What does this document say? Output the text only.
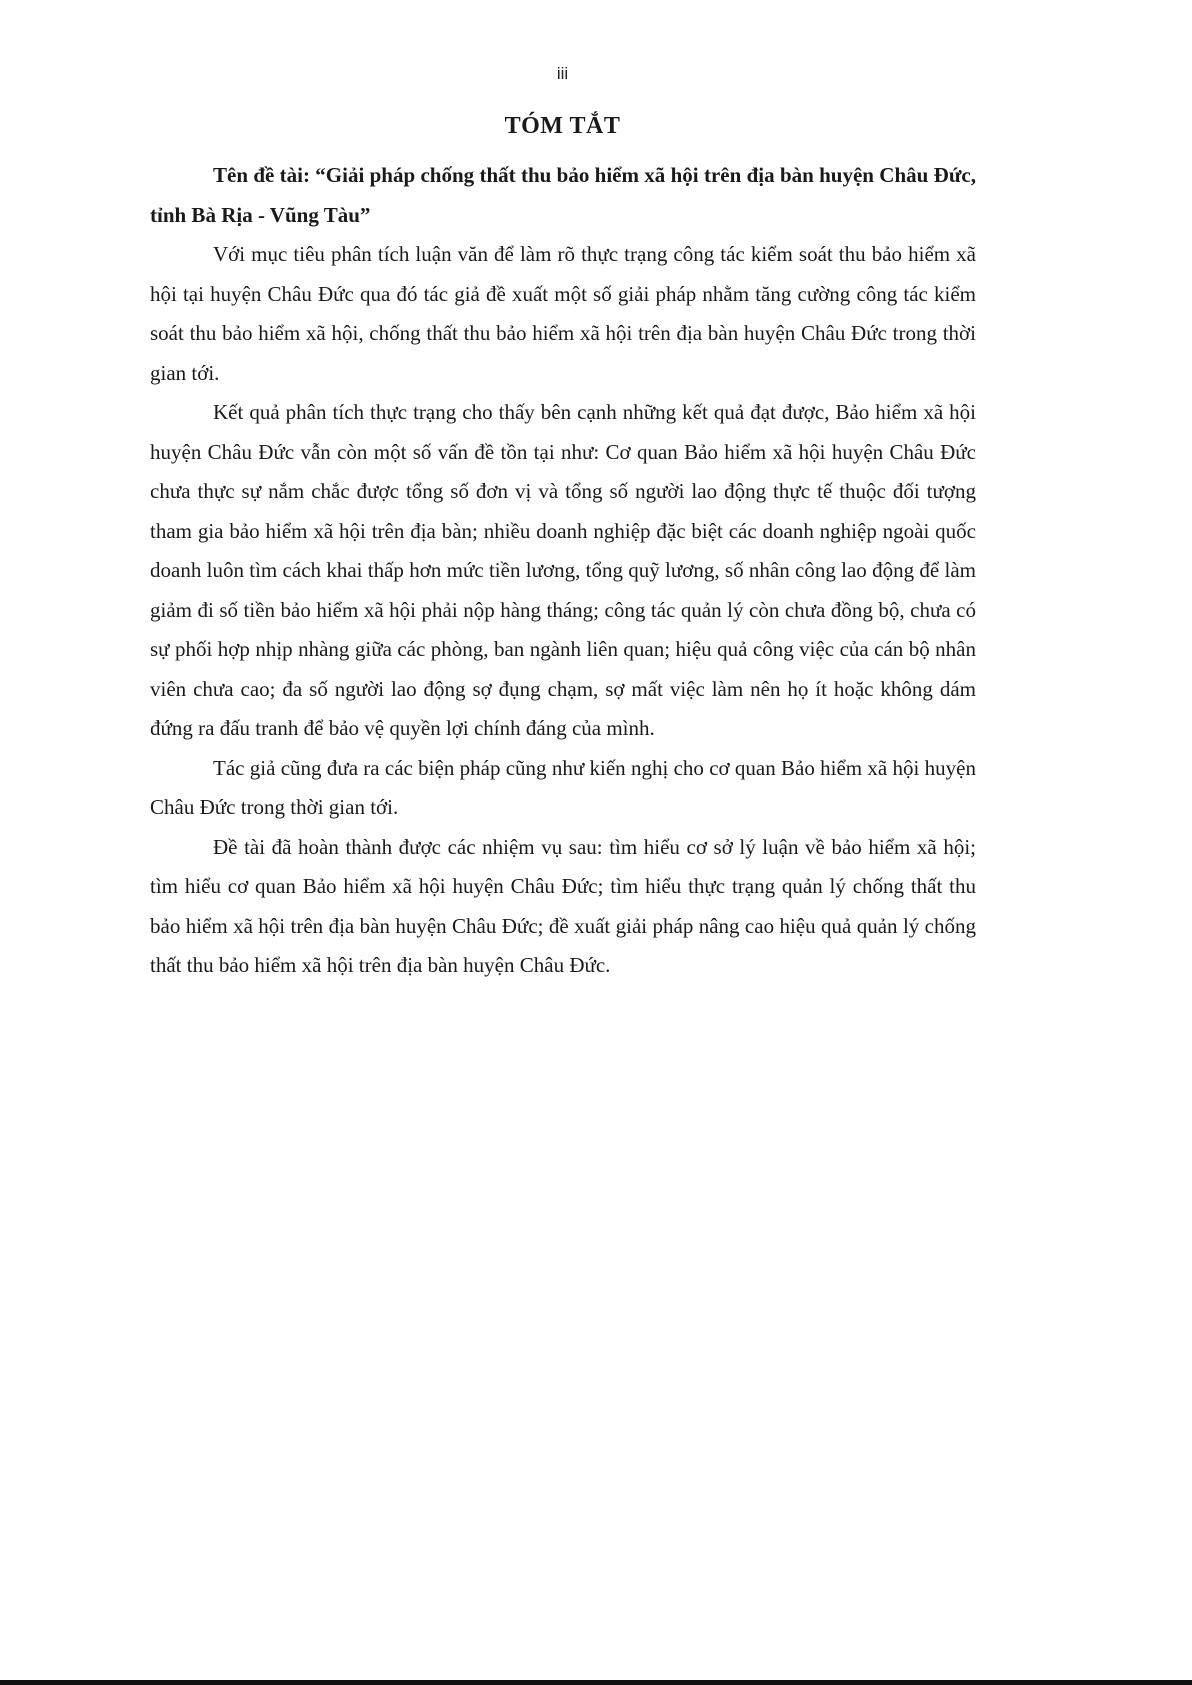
iii
TÓM TẮT

Tên đề tài: “Giải pháp chống thất thu bảo hiểm xã hội trên địa bàn huyện Châu Đức, tỉnh Bà Rịa - Vũng Tàu”

Với mục tiêu phân tích luận văn để làm rõ thực trạng công tác kiểm soát thu bảo hiểm xã hội tại huyện Châu Đức qua đó tác giả đề xuất một số giải pháp nhằm tăng cường công tác kiểm soát thu bảo hiểm xã hội, chống thất thu bảo hiểm xã hội trên địa bàn huyện Châu Đức trong thời gian tới.

Kết quả phân tích thực trạng cho thấy bên cạnh những kết quả đạt được, Bảo hiểm xã hội huyện Châu Đức vẫn còn một số vấn đề tồn tại như: Cơ quan Bảo hiểm xã hội huyện Châu Đức chưa thực sự nắm chắc được tổng số đơn vị và tổng số người lao động thực tế thuộc đối tượng tham gia bảo hiểm xã hội trên địa bàn; nhiều doanh nghiệp đặc biệt các doanh nghiệp ngoài quốc doanh luôn tìm cách khai thấp hơn mức tiền lương, tổng quỹ lương, số nhân công lao động để làm giảm đi số tiền bảo hiểm xã hội phải nộp hàng tháng; công tác quản lý còn chưa đồng bộ, chưa có sự phối hợp nhịp nhàng giữa các phòng, ban ngành liên quan; hiệu quả công việc của cán bộ nhân viên chưa cao; đa số người lao động sợ đụng chạm, sợ mất việc làm nên họ ít hoặc không dám đứng ra đấu tranh để bảo vệ quyền lợi chính đáng của mình.

Tác giả cũng đưa ra các biện pháp cũng như kiến nghị cho cơ quan Bảo hiểm xã hội huyện Châu Đức trong thời gian tới.

Đề tài đã hoàn thành được các nhiệm vụ sau: tìm hiểu cơ sở lý luận về bảo hiểm xã hội; tìm hiểu cơ quan Bảo hiểm xã hội huyện Châu Đức; tìm hiểu thực trạng quản lý chống thất thu bảo hiểm xã hội trên địa bàn huyện Châu Đức; đề xuất giải pháp nâng cao hiệu quả quản lý chống thất thu bảo hiểm xã hội trên địa bàn huyện Châu Đức.
